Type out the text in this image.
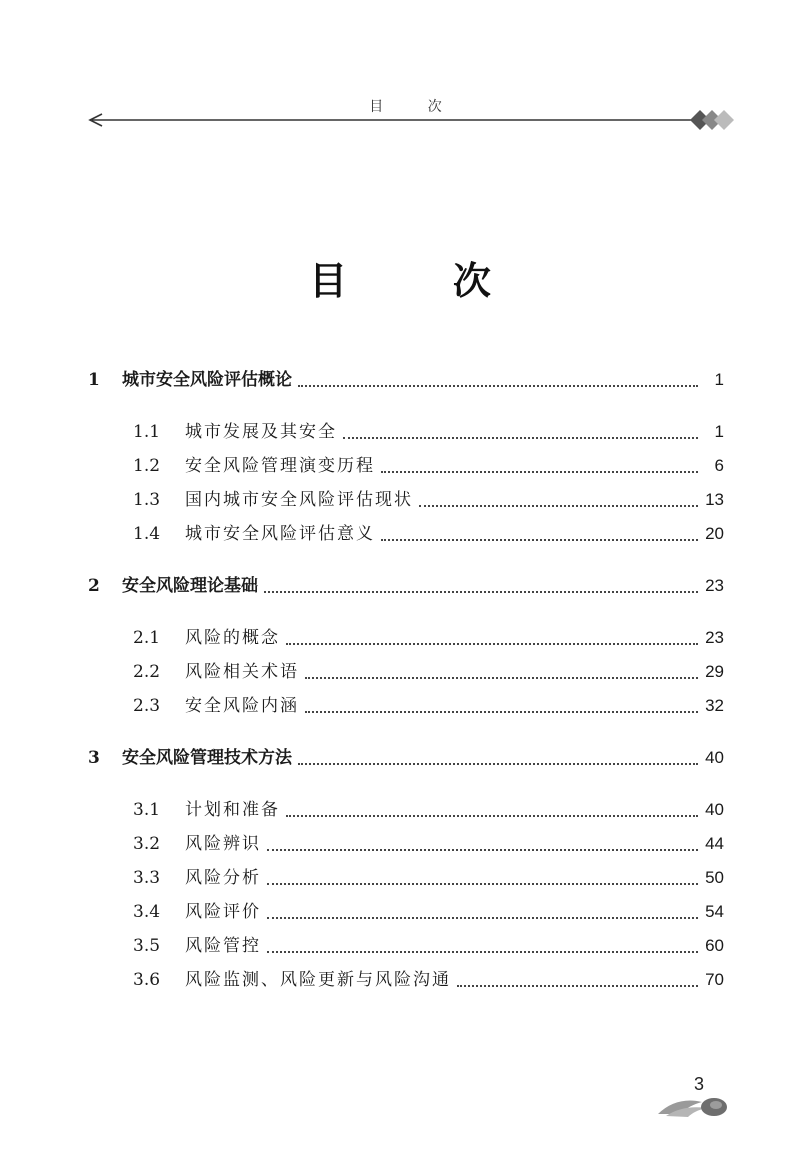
目        次
目        次
1	城市安全风险评估概论	1
1.1	城市发展及其安全	1
1.2	安全风险管理演变历程	6
1.3	国内城市安全风险评估现状	13
1.4	城市安全风险评估意义	20
2	安全风险理论基础	23
2.1	风险的概念	23
2.2	风险相关术语	29
2.3	安全风险内涵	32
3	安全风险管理技术方法	40
3.1	计划和准备	40
3.2	风险辨识	44
3.3	风险分析	50
3.4	风险评价	54
3.5	风险管控	60
3.6	风险监测、风险更新与风险沟通	70
3
